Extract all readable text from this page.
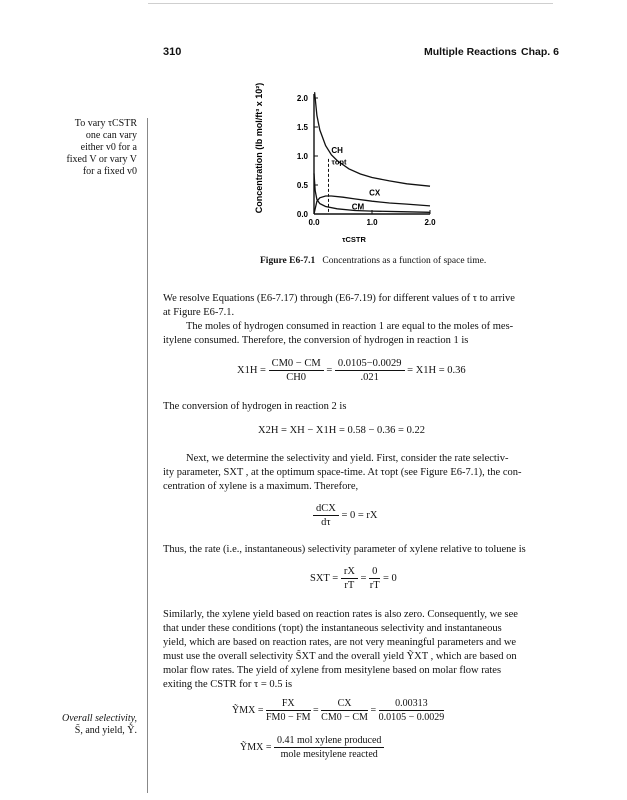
310	Multiple Reactions Chap. 6
To vary τCSTR
one can vary
either v0 for a
fixed V or vary V
for a fixed v0
Overall selectivity,
S̃, and yield, Ỹ.
0.0
0.5
1.0
1.5
2.0
0.0	1.0	2.0
Concentration (lb mol/ft³ x 10²)
τCSTR
CH
CX
CM
τopt
Figure E6-7.1 Concentrations as a function of space time.
We resolve Equations (E6-7.17) through (E6-7.19) for different values of τ to arrive
at Figure E6-7.1.
The moles of hydrogen consumed in reaction 1 are equal to the moles of mes-
itylene consumed. Therefore, the conversion of hydrogen in reaction 1 is
$X1H = \frac{CM0 - CM}{CH0} = \frac{0.0105-0.0029}{.021} = X1H = 0.36$
The conversion of hydrogen in reaction 2 is
X2H = XH − X1H = 0.58 − 0.36 = 0.22
Next, we determine the selectivity and yield. First, consider the rate selectiv-
ity parameter, SXT , at the optimum space-time. At τopt (see Figure E6-7.1), the con-
centration of xylene is a maximum. Therefore,
$\frac{\text{dCX}}{d\tau} = 0$ = rX
Thus, the rate (i.e., instantaneous) selectivity parameter of xylene relative to toluene is
SXT = $\frac{rX}{rT} = \frac{0}{rT} = 0$
Similarly, the xylene yield based on reaction rates is also zero. Consequently, we see
that under these conditions (τopt) the instantaneous selectivity and instantaneous
yield, which are based on reaction rates, are not very meaningful parameters and we
must use the overall selectivity S̃XT and the overall yield ỸXT , which are based on
molar flow rates. The yield of xylene from mesitylene based on molar flow rates
exiting the CSTR for τ = 0.5 is
ỸMX = $\frac{FX}{FM0 - FM} = \frac{CX}{CM0 - CM} = \frac{0.00313}{0.0105 - 0.0029}$
ỸMX = $\frac{\text{0.41 mol xylene produced}}{\text{mole mesitylene reacted}}$
